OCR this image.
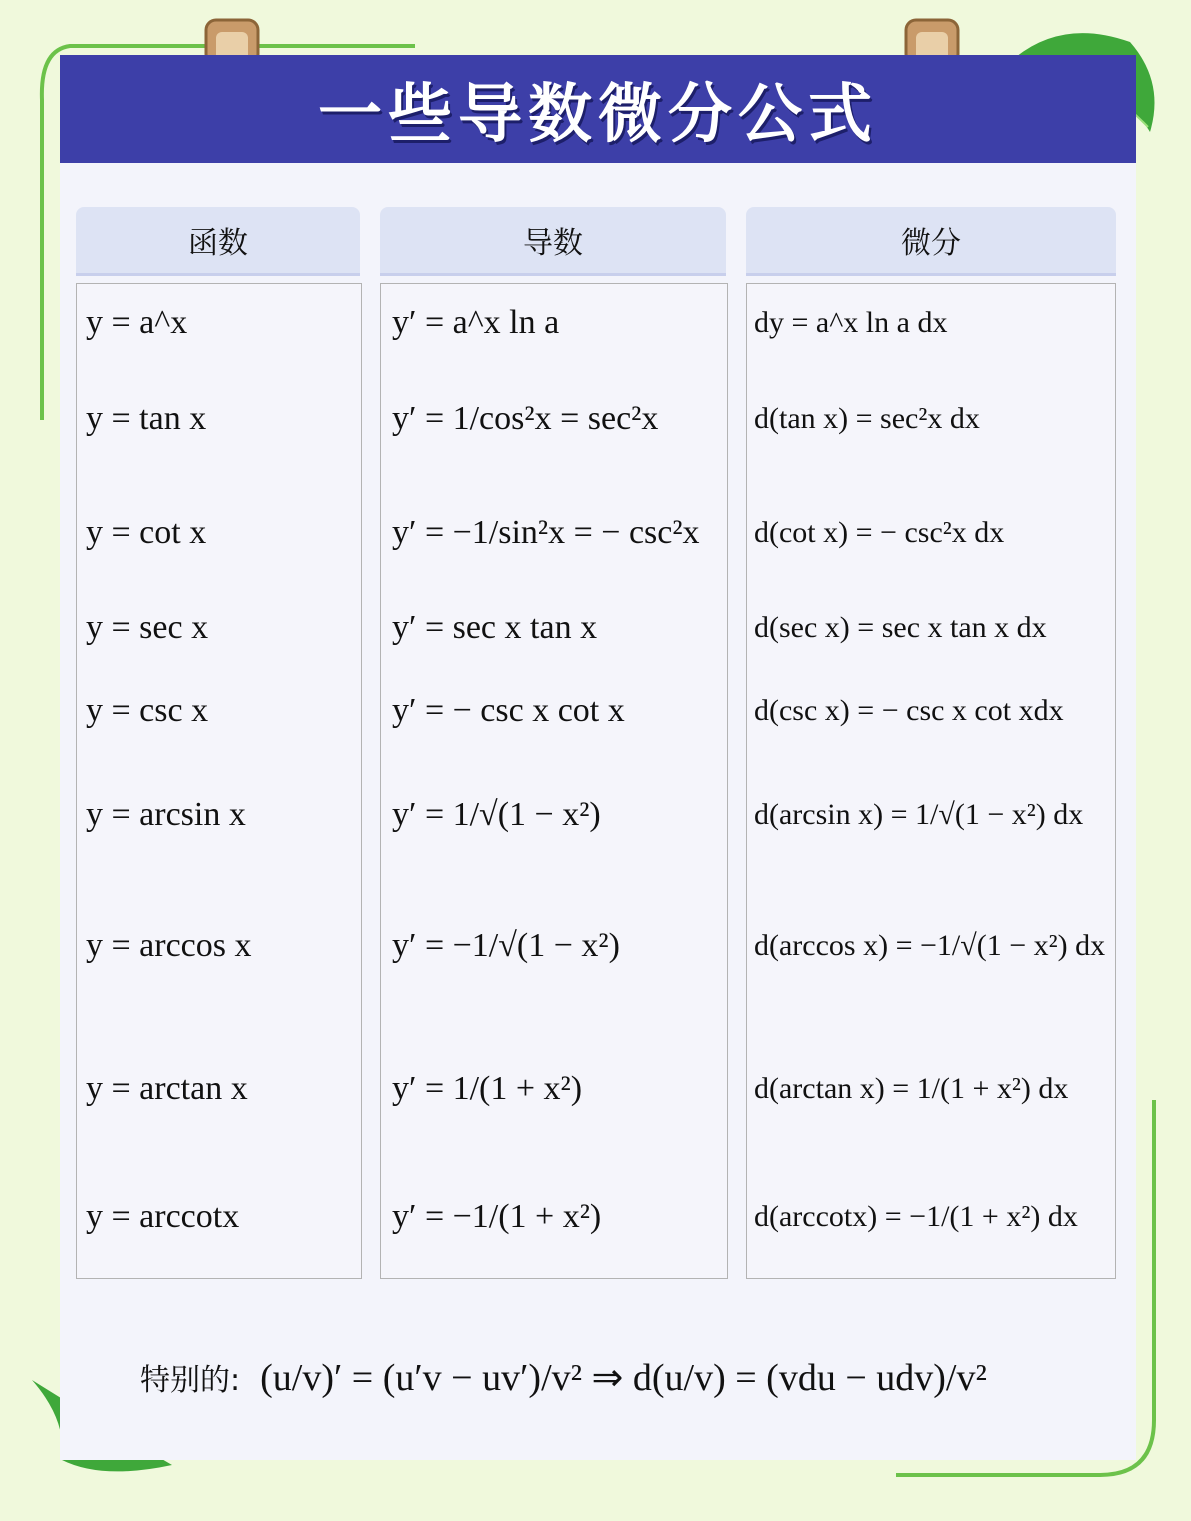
一些导数微分公式
函数	导数	微分
y = a^x
y = tan x
y = cot x
y = sec x
y = csc x
y = arcsin x
y = arccos x
y = arctan x
y = arccotx
y′ = a^x ln a
y′ = 1/cos²x = sec²x
y′ = −1/sin²x = − csc²x
y′ = sec x tan x
y′ = − csc x cot x
y′ = 1/√(1 − x²)
y′ = −1/√(1 − x²)
y′ = 1/(1 + x²)
y′ = −1/(1 + x²)
dy = a^x ln a dx
d(tan x) = sec²x dx
d(cot x) = − csc²x dx
d(sec x) = sec x tan x dx
d(csc x) = − csc x cot xdx
d(arcsin x) = 1/√(1 − x²) dx
d(arccos x) = −1/√(1 − x²) dx
d(arctan x) = 1/(1 + x²) dx
d(arccotx) = −1/(1 + x²) dx
特别的: (u/v)′ = (u′v − uv′)/v² ⇒ d(u/v) = (vdu − udv)/v²
